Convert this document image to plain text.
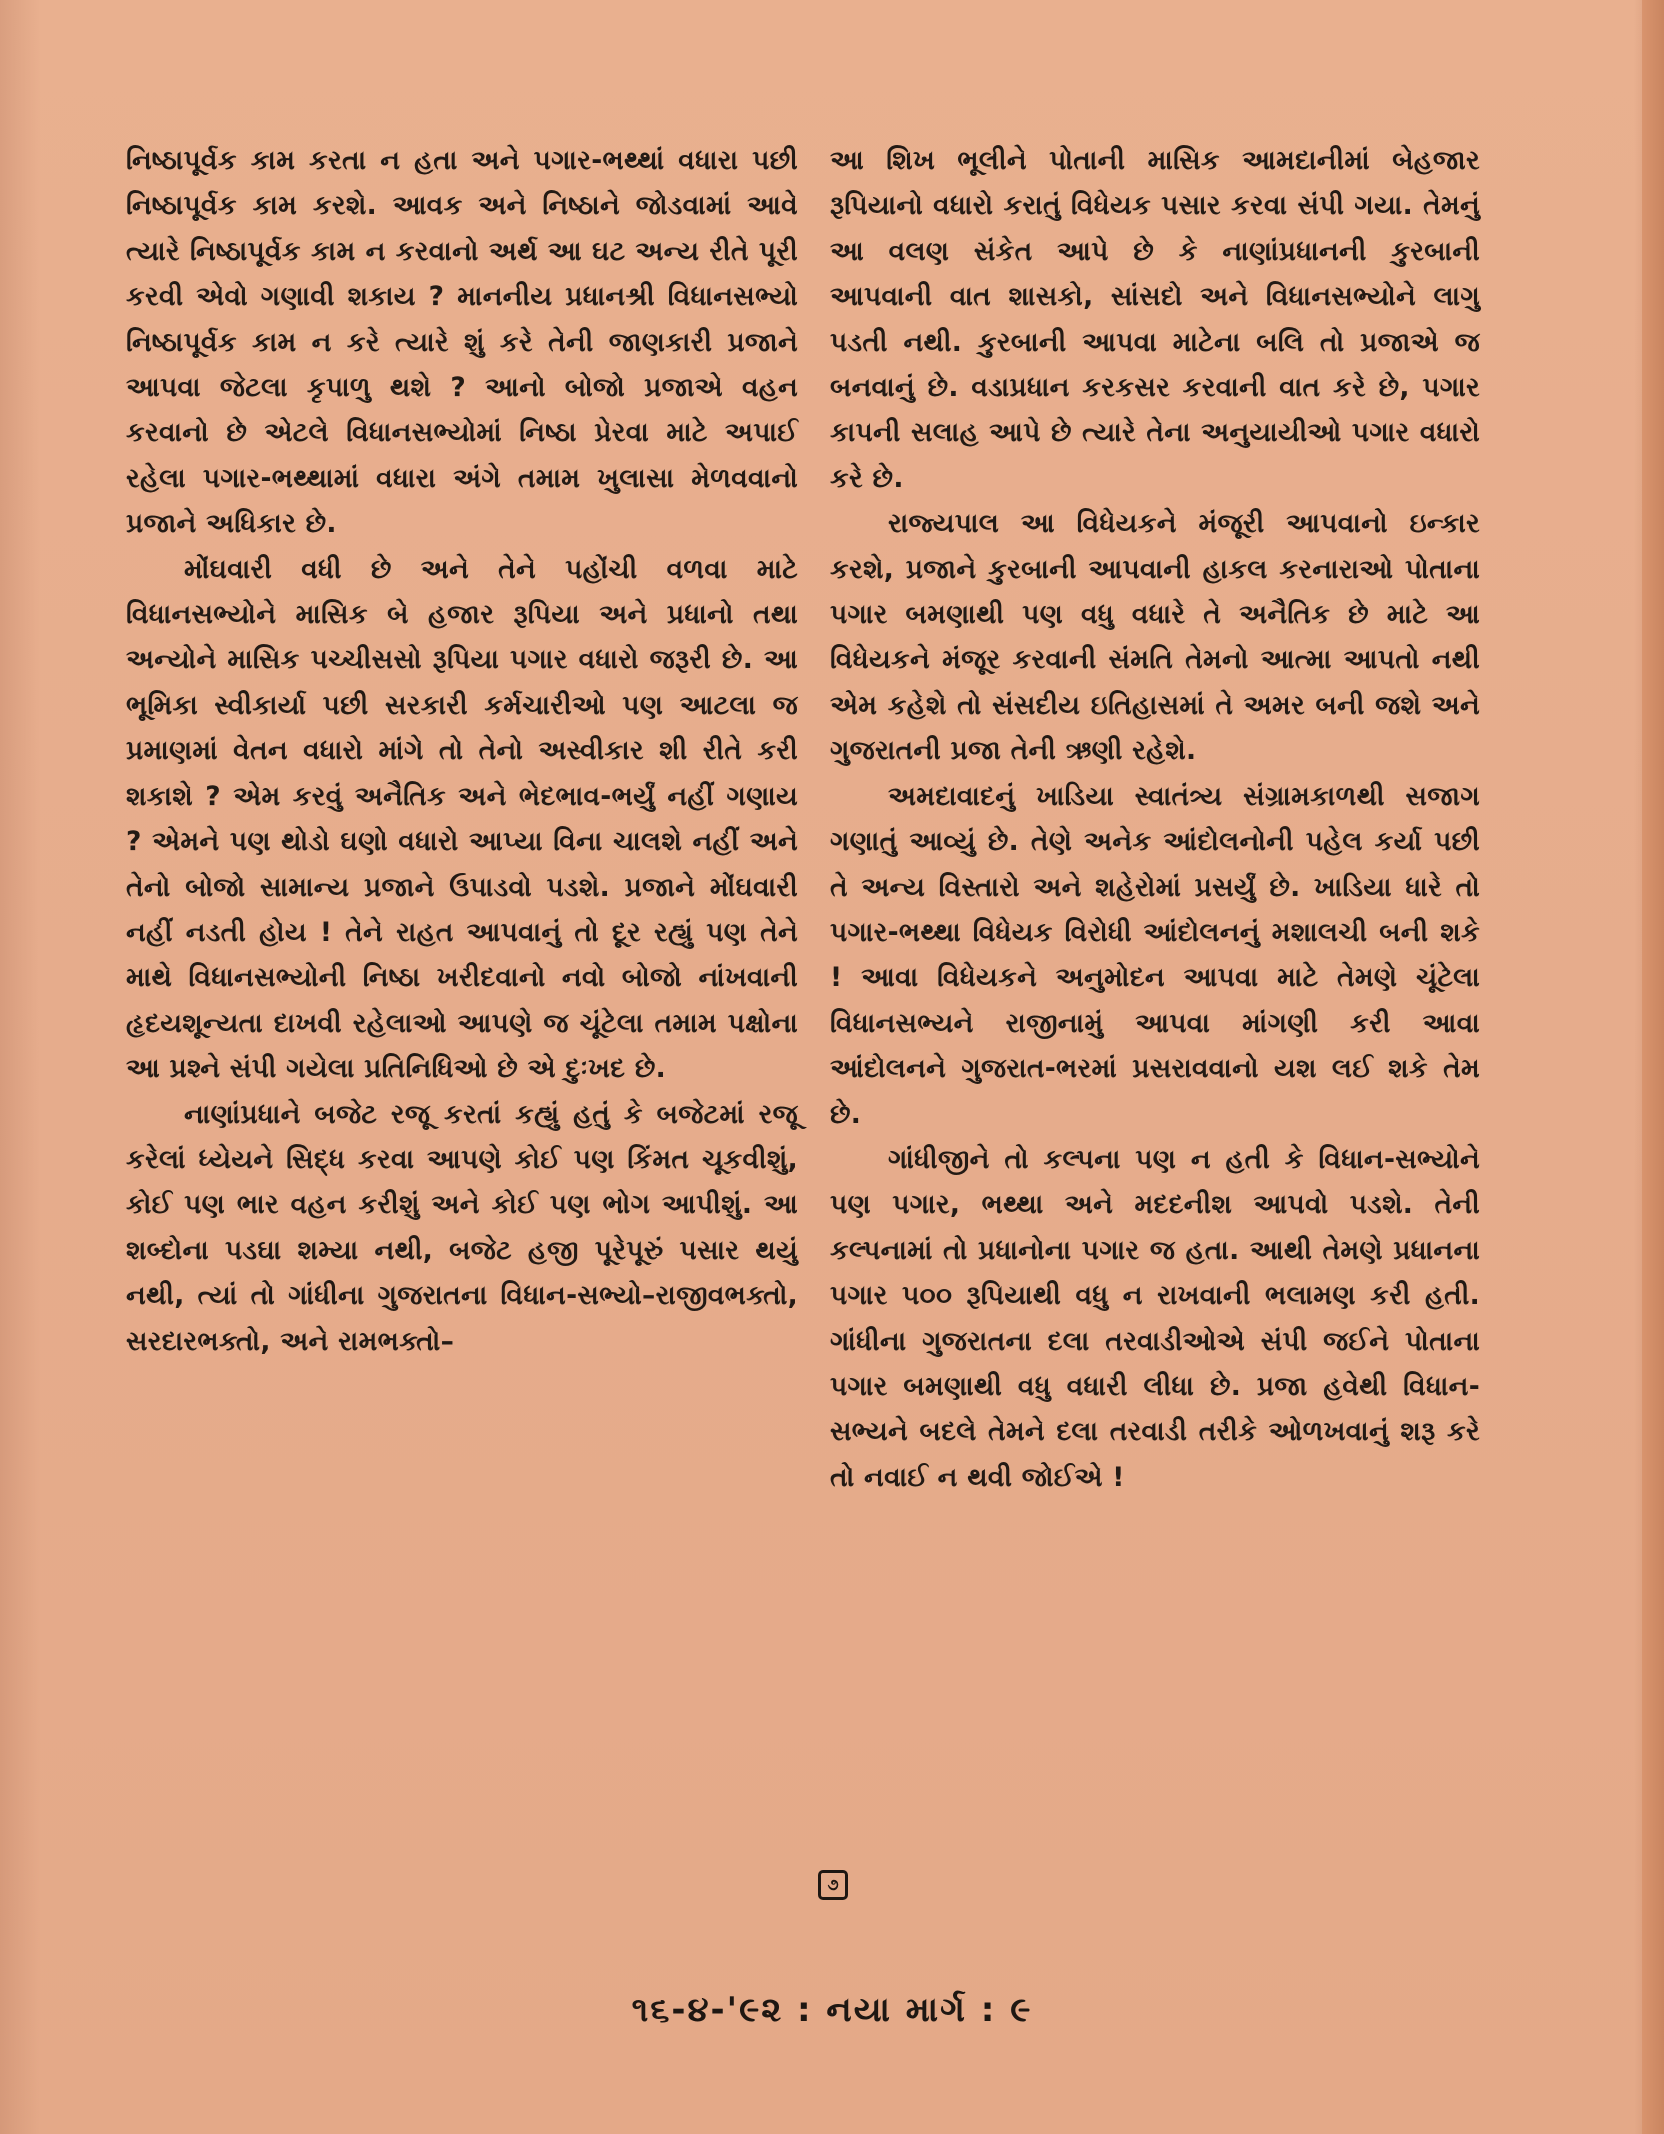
નિષ્ઠાપૂર્વક કામ કરતા ન હતા અને પગાર-ભથ્થાં વધારા પછી નિષ્ઠાપૂર્વક કામ કરશે. આવક અને નિષ્ઠાને જોડવામાં આવે ત્યારે નિષ્ઠાપૂર્વક કામ ન કરવાનો અર્થ આ ઘટ અન્ય રીતે પૂરી કરવી એવો ગણાવી શકાય ? માનનીય પ્રધાનશ્રી વિધાનસભ્યો નિષ્ઠાપૂર્વક કામ ન કરે ત્યારે શું કરે તેની જાણકારી પ્રજાને આપવા જેટલા કૃપાળુ થશે ? આનો બોજો પ્રજાએ વહન કરવાનો છે એટલે વિધાનસભ્યોમાં નિષ્ઠા પ્રેરવા માટે અપાઈ રહેલા પગાર-ભથ્થામાં વધારા અંગે તમામ ખુલાસા મેળવવાનો પ્રજાને અધિકાર છે.

મોંઘવારી વધી છે અને તેને પહોંચી વળવા માટે વિધાનસભ્યોને માસિક બે હજાર રૂપિયા અને પ્રધાનો તથા અન્યોને માસિક પચ્ચીસસો રૂપિયા પગાર વધારો જરૂરી છે. આ ભૂમિકા સ્વીકાર્યા પછી સરકારી કર્મચારીઓ પણ આટલા જ પ્રમાણમાં વેતન વધારો માંગે તો તેનો અસ્વીકાર શી રીતે કરી શકાશે ? એમ કરવું અનૈતિક અને ભેદભાવ-ભર્યું નહીં ગણાય ? એમને પણ થોડો ઘણો વધારો આપ્યા વિના ચાલશે નહીં અને તેનો બોજો સામાન્ય પ્રજાને ઉપાડવો પડશે. પ્રજાને મોંઘવારી નહીં નડતી હોય ! તેને રાહત આપવાનું તો દૂર રહ્યું પણ તેને માથે વિધાનસભ્યોની નિષ્ઠા ખરીદવાનો નવો બોજો નાંખવાની હૃદયશૂન્યતા દાખવી રહેલાઓ આપણે જ ચૂંટેલા તમામ પક્ષોના આ પ્રશ્ને સંપી ગયેલા પ્રતિનિધિઓ છે એ દુઃખદ છે.

નાણાંપ્રધાને બજેટ રજૂ કરતાં કહ્યું હતું કે બજેટમાં રજૂ કરેલાં ધ્યેયને સિદ્ધ કરવા આપણે કોઈ પણ કિંમત ચૂકવીશું, કોઈ પણ ભાર વહન કરીશું અને કોઈ પણ ભોગ આપીશું. આ શબ્દોના પડઘા શમ્યા નથી, બજેટ હજી પૂરેપૂરું પસાર થયું નથી, ત્યાં તો ગાંધીના ગુજરાતના વિધાન-સભ્યો–રાજીવભક્તો, સરદારભક્તો, અને રામભક્તો–

આ શિખ ભૂલીને પોતાની માસિક આમદાનીમાં બેહજાર રૂપિયાનો વધારો કરાતું વિધેયક પસાર કરવા સંપી ગયા. તેમનું આ વલણ સંકેત આપે છે કે નાણાંપ્રધાનની કુરબાની આપવાની વાત શાસકો, સાંસદો અને વિધાનસભ્યોને લાગુ પડતી નથી. કુરબાની આપવા માટેના બલિ તો પ્રજાએ જ બનવાનું છે. વડાપ્રધાન કરકસર કરવાની વાત કરે છે, પગાર કાપની સલાહ આપે છે ત્યારે તેના અનુયાયીઓ પગાર વધારો કરે છે.

રાજ્યપાલ આ વિધેયકને મંજૂરી આપવાનો ઇન્કાર કરશે, પ્રજાને કુરબાની આપવાની હાકલ કરનારાઓ પોતાના પગાર બમણાથી પણ વધુ વધારે તે અનૈતિક છે માટે આ વિધેયકને મંજૂર કરવાની સંમતિ તેમનો આત્મા આપતો નથી એમ કહેશે તો સંસદીય ઇતિહાસમાં તે અમર બની જશે અને ગુજરાતની પ્રજા તેની ઋણી રહેશે.

અમદાવાદનું ખાડિયા સ્વાતંત્ર્ય સંગ્રામકાળથી સજાગ ગણાતું આવ્યું છે. તેણે અનેક આંદોલનોની પહેલ કર્યા પછી તે અન્ય વિસ્તારો અને શહેરોમાં પ્રસર્યું છે. ખાડિયા ધારે તો પગાર-ભથ્થા વિધેયક વિરોધી આંદોલનનું મશાલચી બની શકે ! આવા વિધેયકને અનુમોદન આપવા માટે તેમણે ચૂંટેલા વિધાનસભ્યને રાજીનામું આપવા માંગણી કરી આવા આંદોલનને ગુજરાત-ભરમાં પ્રસરાવવાનો યશ લઈ શકે તેમ છે.

ગાંધીજીને તો કલ્પના પણ ન હતી કે વિધાન-સભ્યોને પણ પગાર, ભથ્થા અને મદદનીશ આપવો પડશે. તેની કલ્પનામાં તો પ્રધાનોના પગાર જ હતા. આથી તેમણે પ્રધાનના પગાર ૫૦૦ રૂપિયાથી વધુ ન રાખવાની ભલામણ કરી હતી. ગાંધીના ગુજરાતના દલા તરવાડીઓએ સંપી જઈને પોતાના પગાર બમણાથી વધુ વધારી લીધા છે. પ્રજા હવેથી વિધાન-સભ્યને બદલે તેમને દલા તરવાડી તરીકે ઓળખવાનું શરૂ કરે તો નવાઈ ન થવી જોઈએ !

૭
૧૬-૪-'૯૨ : નયા માર્ગ : ૯
